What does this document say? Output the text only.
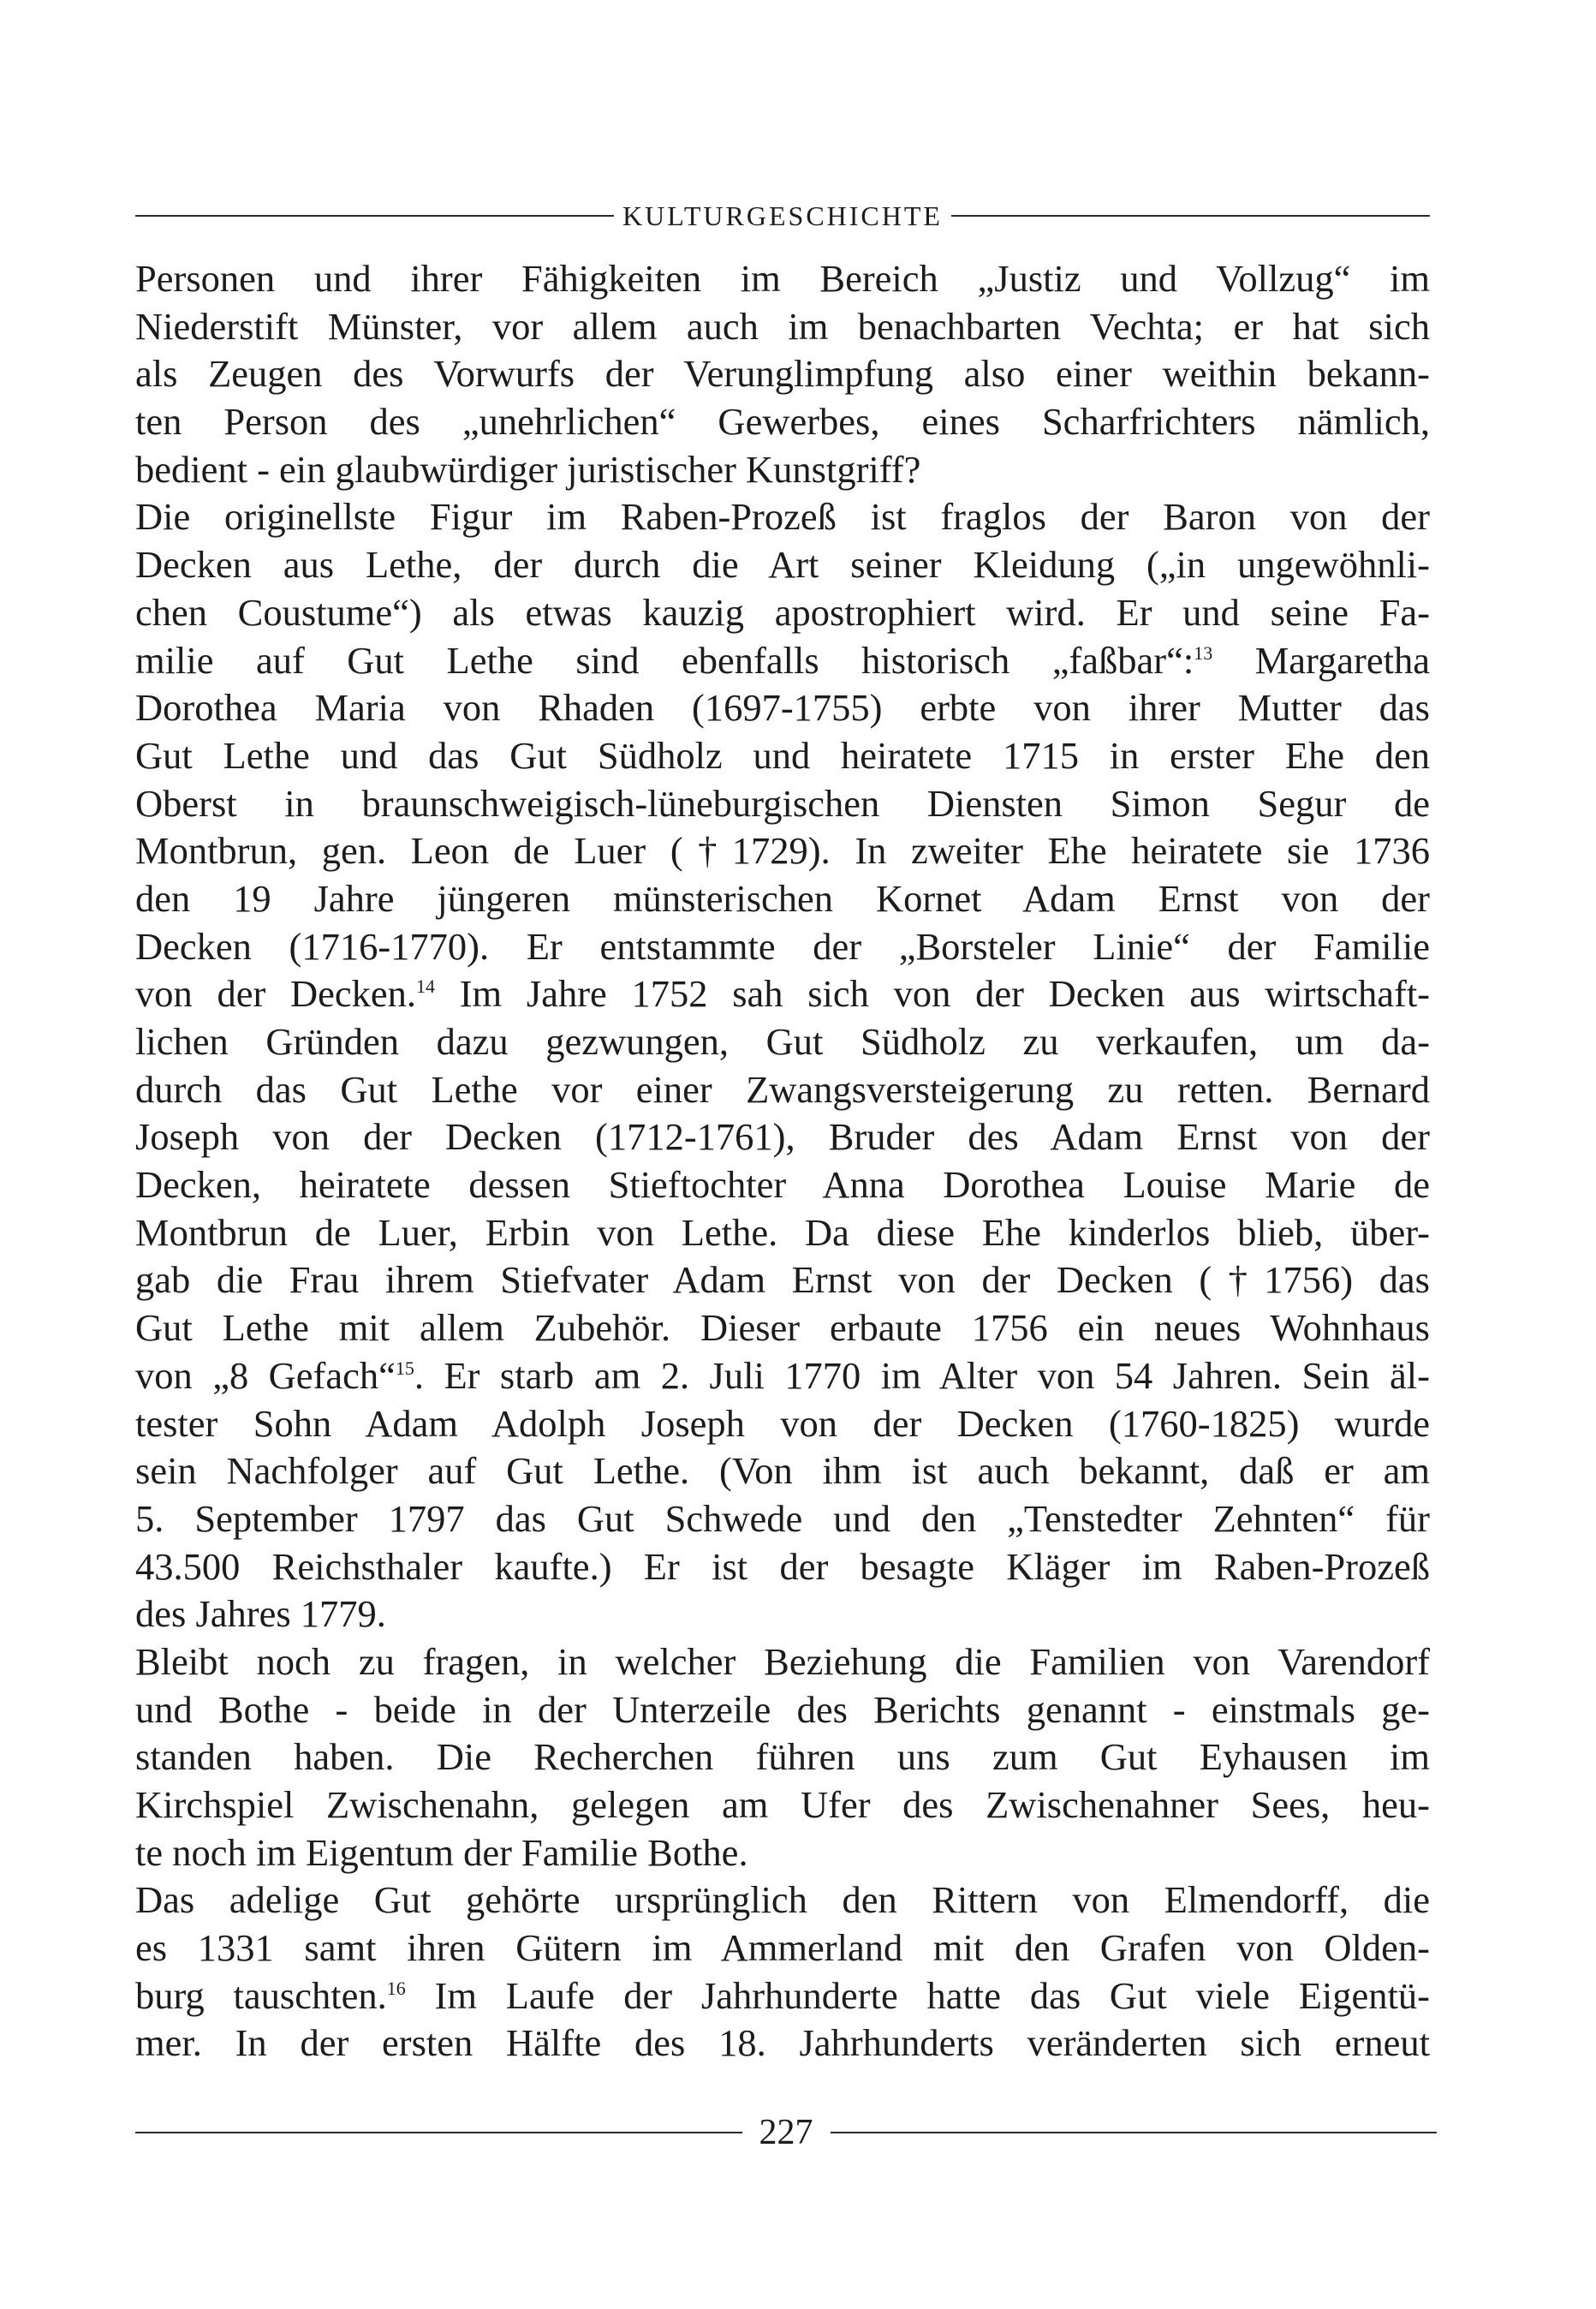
KULTURGESCHICHTE
Personen und ihrer Fähigkeiten im Bereich „Justiz und Vollzug“ im
Niederstift Münster, vor allem auch im benachbarten Vechta; er hat sich
als Zeugen des Vorwurfs der Verunglimpfung also einer weithin bekann-
ten Person des „unehrlichen“ Gewerbes, eines Scharfrichters nämlich,
bedient - ein glaubwürdiger juristischer Kunstgriff?
Die originellste Figur im Raben-Prozeß ist fraglos der Baron von der
Decken aus Lethe, der durch die Art seiner Kleidung („in ungewöhnli-
chen Coustume“) als etwas kauzig apostrophiert wird. Er und seine Fa-
milie auf Gut Lethe sind ebenfalls historisch „faßbar“:$^{13}$ Margaretha
Dorothea Maria von Rhaden (1697-1755) erbte von ihrer Mutter das
Gut Lethe und das Gut Südholz und heiratete 1715 in erster Ehe den
Oberst in braunschweigisch-lüneburgischen Diensten Simon Segur de
Montbrun, gen. Leon de Luer (†1729). In zweiter Ehe heiratete sie 1736
den 19 Jahre jüngeren münsterischen Kornet Adam Ernst von der
Decken (1716-1770). Er entstammte der „Borsteler Linie“ der Familie
von der Decken.$^{14}$ Im Jahre 1752 sah sich von der Decken aus wirtschaft-
lichen Gründen dazu gezwungen, Gut Südholz zu verkaufen, um da-
durch das Gut Lethe vor einer Zwangsversteigerung zu retten. Bernard
Joseph von der Decken (1712-1761), Bruder des Adam Ernst von der
Decken, heiratete dessen Stieftochter Anna Dorothea Louise Marie de
Montbrun de Luer, Erbin von Lethe. Da diese Ehe kinderlos blieb, über-
gab die Frau ihrem Stiefvater Adam Ernst von der Decken (†1756) das
Gut Lethe mit allem Zubehör. Dieser erbaute 1756 ein neues Wohnhaus
von „8 Gefach“$^{15}$. Er starb am 2. Juli 1770 im Alter von 54 Jahren. Sein äl-
tester Sohn Adam Adolph Joseph von der Decken (1760-1825) wurde
sein Nachfolger auf Gut Lethe. (Von ihm ist auch bekannt, daß er am
5. September 1797 das Gut Schwede und den „Tenstedter Zehnten“ für
43.500 Reichsthaler kaufte.) Er ist der besagte Kläger im Raben-Prozeß
des Jahres 1779.
Bleibt noch zu fragen, in welcher Beziehung die Familien von Varendorf
und Bothe - beide in der Unterzeile des Berichts genannt - einstmals ge-
standen haben. Die Recherchen führen uns zum Gut Eyhausen im
Kirchspiel Zwischenahn, gelegen am Ufer des Zwischenahner Sees, heu-
te noch im Eigentum der Familie Bothe.
Das adelige Gut gehörte ursprünglich den Rittern von Elmendorff, die
es 1331 samt ihren Gütern im Ammerland mit den Grafen von Olden-
burg tauschten.$^{16}$ Im Laufe der Jahrhunderte hatte das Gut viele Eigentü-
mer. In der ersten Hälfte des 18. Jahrhunderts veränderten sich erneut
227
